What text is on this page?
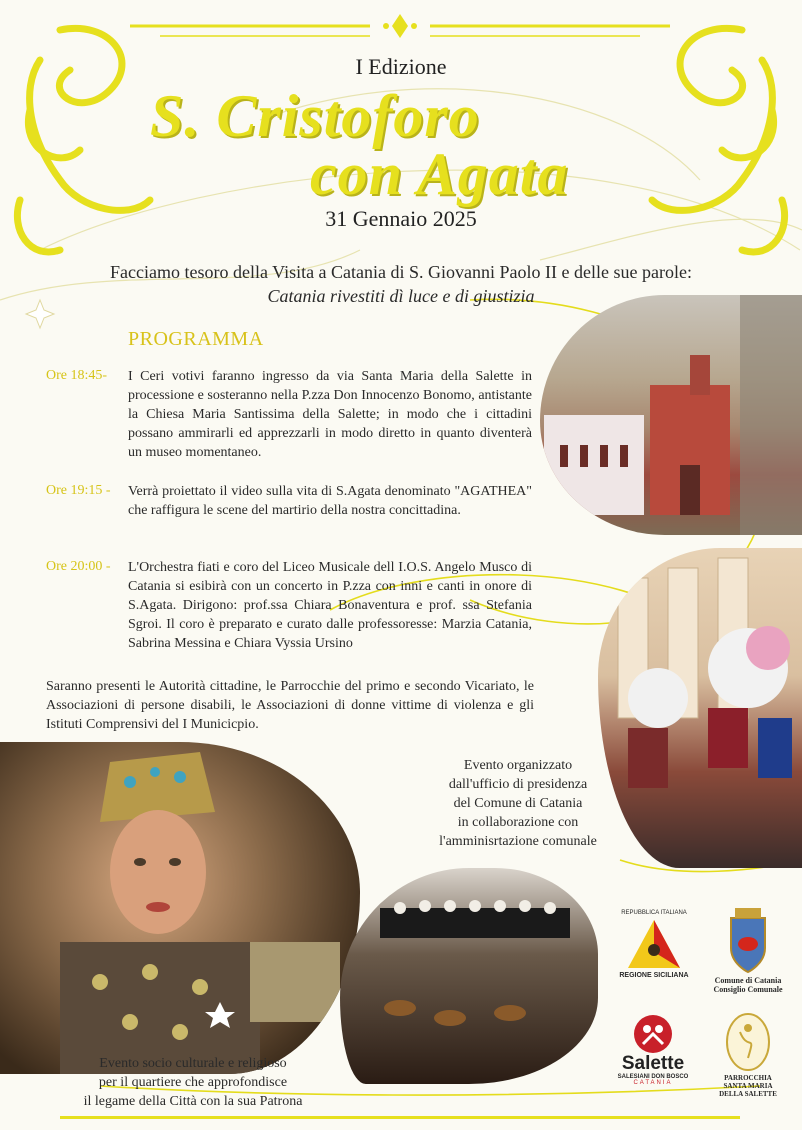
I Edizione
S. Cristoforo
con Agata
31 Gennaio 2025
Facciamo tesoro della Visita a Catania di S. Giovanni Paolo II e delle sue parole:
Catania rivestiti dì luce e di giustizia
PROGRAMMA
Ore 18:45- I Ceri votivi faranno ingresso da via Santa Maria della Salette in processione e sosteranno nella P.zza Don Innocenzo Bonomo, antistante la Chiesa Maria Santissima della Salette; in modo che i cittadini possano ammirarli ed apprezzarli in modo diretto in quanto diventerà un museo momentaneo.
Ore 19:15 - Verrà proiettato il video sulla vita di S.Agata denominato "AGATHEA" che raffigura le scene del martirio della nostra concittadina.
Ore 20:00 - L'Orchestra fiati e coro del Liceo Musicale dell I.O.S. Angelo Musco di Catania si esibirà con un concerto in P.zza con inni e canti in onore di S.Agata. Dirigono: prof.ssa Chiara Bonaventura e prof. ssa Stefania Sgroi. Il coro è preparato e curato dalle professoresse: Marzia Catania, Sabrina Messina e Chiara Vyssia Ursino
Saranno presenti le Autorità cittadine, le Parrocchie del primo e secondo Vicariato, le Associazioni di persone disabili, le Associazioni di donne vittime di violenza e gli Istituti Comprensivi del I Municicpio.
Evento organizzato
dall'ufficio di presidenza
del Comune di Catania
in collaborazione con
l'amminisrtazione comunale
Evento socio culturale e religioso
per il quartiere che approfondisce
il legame della Città con la sua Patrona
REPUBBLICA ITALIANA
REGIONE SICILIANA
Comune di Catania
Consiglio Comunale
Salette
SALESIANI DON BOSCO
CATANIA
PARROCCHIA
SANTA MARIA
DELLA SALETTE
